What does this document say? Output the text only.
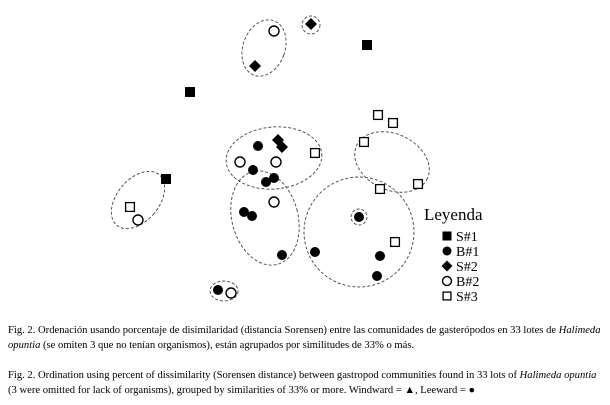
Leyenda
S#1
B#1
S#2
B#2
S#3
Fig. 2. Ordenación usando porcentaje de disimilaridad (distancia Sorensen) entre las comunidades de gasterópodos en 33 lotes de Halimeda opuntia (se omiten 3 que no tenían organismos), están agrupados por similitudes de 33% o más.
Fig. 2. Ordination using percent of dissimilarity (Sorensen distance) between gastropod communities found in 33 lots of Halimeda opuntia (3 were omitted for lack of organisms), grouped by similarities of 33% or more. Windward = ▲, Leeward = ●
